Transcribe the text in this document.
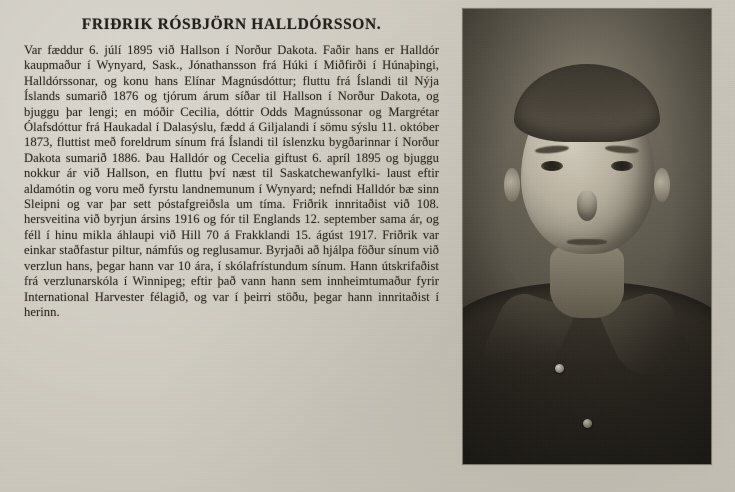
FRIÐRIK RÓSBJÖRN HALLDÓRSSON.

Var fæddur 6. júlí 1895 við Hallson í Norður Dakota. Faðir hans er Halldór kaupmaður í Wynyard, Sask., Jónathansson frá Húki í Miðfirði í Húnaþingi, Halldórssonar, og konu hans Elínar Magnúsdóttur; fluttu frá Íslandi til Nýja Íslands sumarið 1876 og tjórum árum síðar til Hallson í Norður Dakota, og bjuggu þar lengi; en móðir Cecilia, dóttir Odds Magnússonar og Margrétar Ólafsdóttur frá Haukadal í Dalasýslu, fædd á Giljalandi í sömu sýslu 11. október 1873, fluttist með foreldrum sínum frá Íslandi til íslenzku bygðarinnar í Norður Dakota sumarið 1886. Þau Halldór og Cecelia giftust 6. apríl 1895 og bjuggu nokkur ár við Hallson, en fluttu því næst til Saskatchewanfylki- laust eftir aldamótin og voru með fyrstu landnemunum í Wynyard; nefndi Halldór bæ sinn Sleipni og var þar sett póstafgreiðsla um tíma. Friðrik innritaðist við 108. hersveitina við byrjun ársins 1916 og fór til Englands 12. september sama ár, og féll í hinu mikla áhlaupi við Hill 70 á Frakklandi 15. ágúst 1917. Friðrik var einkar staðfastur piltur, námfús og reglusamur. Byrjaði að hjálpa föður sínum við verzlun hans, þegar hann var 10 ára, í skólafrístundum sínum. Hann útskrifaðist frá verzlunarskóla í Winnipeg; eftir það vann hann sem innheimtumaður fyrir International Harvester félagið, og var í þeirri stöðu, þegar hann innritaðist í herinn.
